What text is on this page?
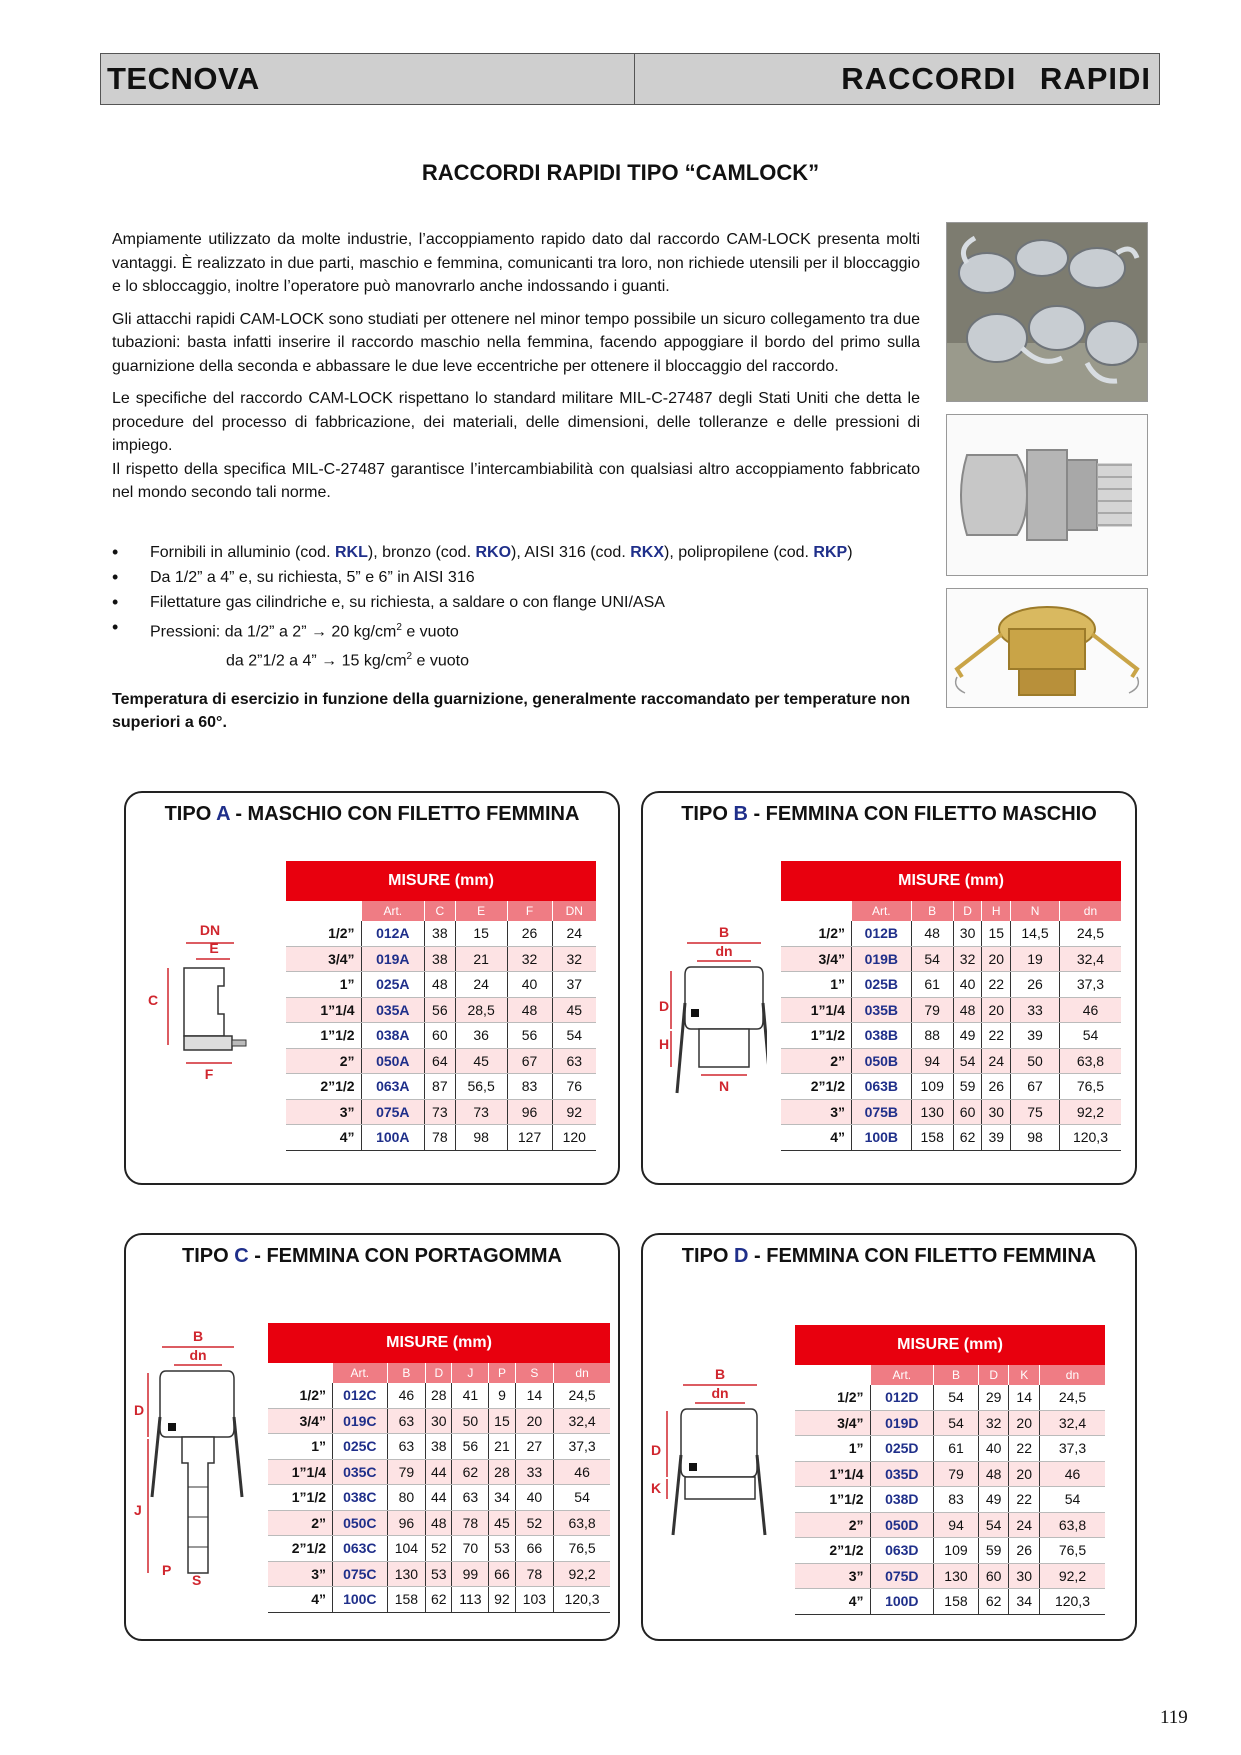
TECNOVA	RACCORDI RAPIDI
RACCORDI RAPIDI TIPO “CAMLOCK”

Ampiamente utilizzato da molte industrie, l’accoppiamento rapido dato dal raccordo CAM-LOCK presenta molti vantaggi. È realizzato in due parti, maschio e femmina, comunicanti tra loro, non richiede utensili per il bloccaggio e lo sbloccaggio, inoltre l’operatore può manovrarlo anche indossando i guanti.

Gli attacchi rapidi CAM-LOCK sono studiati per ottenere nel minor tempo possibile un sicuro collegamento tra due tubazioni: basta infatti inserire il raccordo maschio nella femmina, facendo appoggiare il bordo del primo sulla guarnizione della seconda e abbassare le due leve eccentriche per ottenere il bloccaggio del raccordo.

Le specifiche del raccordo CAM-LOCK rispettano lo standard militare MIL-C-27487 degli Stati Uniti che detta le procedure del processo di fabbricazione, dei materiali, delle dimensioni, delle tolleranze e delle pressioni di impiego.

Il rispetto della specifica MIL-C-27487 garantisce l’intercambiabilità con qualsiasi altro accoppiamento fabbricato nel mondo secondo tali norme.

• Fornibili in alluminio (cod. RKL), bronzo (cod. RKO), AISI 316 (cod. RKX), polipropilene (cod. RKP)
• Da 1/2” a 4” e, su richiesta, 5” e 6” in AISI 316
• Filettature gas cilindriche e, su richiesta, a saldare o con flange UNI/ASA
• Pressioni: da 1/2” a 2” → 20 $kg/cm^2$ e vuoto
da 2”1/2 a 4” → 15 $kg/cm^2$ e vuoto
Temperatura di esercizio in funzione della guarnizione, generalmente raccomandato per temperature non superiori a 60°.
TIPO A - MASCHIO CON FILETTO FEMMINA
DN
E
C
F
MISURE (mm)					
	Art.	C	E	F	DN
1/2”	012A	38	15	26	24
3/4”	019A	38	21	32	32
1”	025A	48	24	40	37
1”1/4	035A	56	28,5	48	45
1”1/2	038A	60	36	56	54
2”	050A	64	45	67	63
2”1/2	063A	87	56,5	83	76
3”	075A	73	73	96	92
4”	100A	78	98	127	120
TIPO B - FEMMINA CON FILETTO MASCHIO
B
dn
D
H
N
MISURE (mm)						
	Art.	B	D	H	N	dn
1/2”	012B	48	30	15	14,5	24,5
3/4”	019B	54	32	20	19	32,4
1”	025B	61	40	22	26	37,3
1”1/4	035B	79	48	20	33	46
1”1/2	038B	88	49	22	39	54
2”	050B	94	54	24	50	63,8
2”1/2	063B	109	59	26	67	76,5
3”	075B	130	60	30	75	92,2
4”	100B	158	62	39	98	120,3
TIPO C - FEMMINA CON PORTAGOMMA
B
dn
D
J
P
S
MISURE (mm)							
	Art.	B	D	J	P	S	dn
1/2”	012C	46	28	41	9	14	24,5
3/4”	019C	63	30	50	15	20	32,4
1”	025C	63	38	56	21	27	37,3
1”1/4	035C	79	44	62	28	33	46
1”1/2	038C	80	44	63	34	40	54
2”	050C	96	48	78	45	52	63,8
2”1/2	063C	104	52	70	53	66	76,5
3”	075C	130	53	99	66	78	92,2
4”	100C	158	62	113	92	103	120,3
TIPO D - FEMMINA CON FILETTO FEMMINA
B
dn
D
K
MISURE (mm)					
	Art.	B	D	K	dn
1/2”	012D	54	29	14	24,5
3/4”	019D	54	32	20	32,4
1”	025D	61	40	22	37,3
1”1/4	035D	79	48	20	46
1”1/2	038D	83	49	22	54
2”	050D	94	54	24	63,8
2”1/2	063D	109	59	26	76,5
3”	075D	130	60	30	92,2
4”	100D	158	62	34	120,3
119
